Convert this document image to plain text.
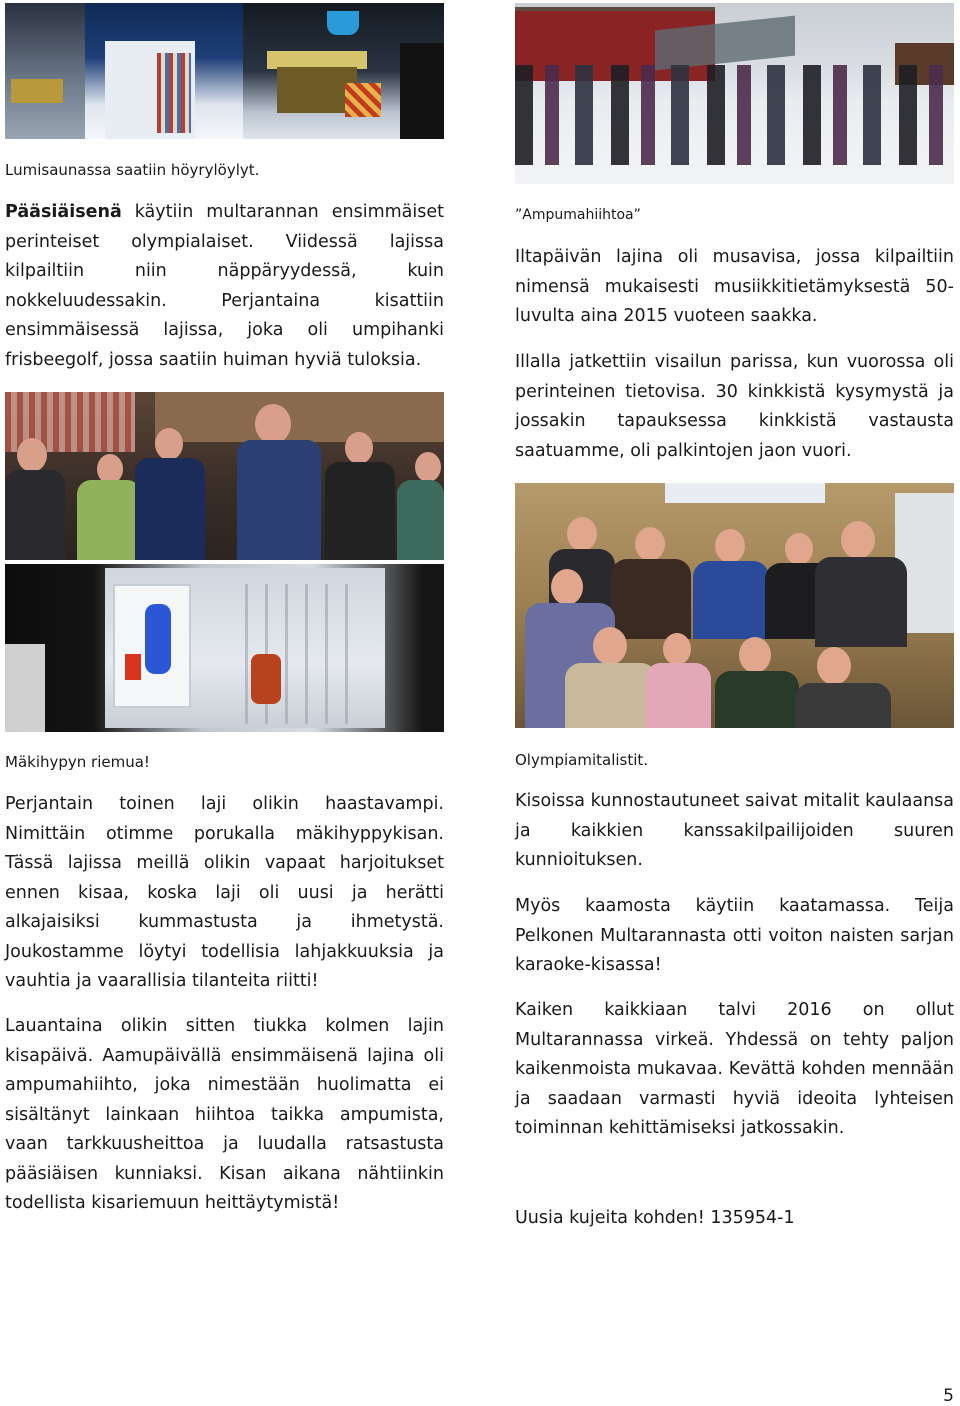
Lumisaunassa saatiin höyrylöylyt.
”Ampumahiihtoa”
Pääsiäisenä käytiin multarannan ensimmäiset perinteiset olympialaiset. Viidessä lajissa kilpailtiin niin näppäryydessä, kuin nokkeluudessakin. Perjantaina kisattiin ensimmäisessä lajissa, joka oli umpihanki frisbeegolf, jossa saatiin huiman hyviä tuloksia.
Iltapäivän lajina oli musavisa, jossa kilpailtiin nimensä mukaisesti musiikkitietämyksestä 50-luvulta aina 2015 vuoteen saakka.
Illalla jatkettiin visailun parissa, kun vuorossa oli perinteinen tietovisa. 30 kinkkistä kysymystä ja jossakin tapauksessa kinkkistä vastausta saatuamme, oli palkintojen jaon vuori.
Mäkihypyn riemua!	Olympiamitalistit.
Perjantain toinen laji olikin haastavampi. Nimittäin otimme porukalla mäkihyppykisan. Tässä lajissa meillä olikin vapaat harjoitukset ennen kisaa, koska laji oli uusi ja herätti alkajaisiksi kummastusta ja ihmetystä. Joukostamme löytyi todellisia lahjakkuuksia ja vauhtia ja vaarallisia tilanteita riitti!
Lauantaina olikin sitten tiukka kolmen lajin kisapäivä. Aamupäivällä ensimmäisenä lajina oli ampumahiihto, joka nimestään huolimatta ei sisältänyt lainkaan hiihtoa taikka ampumista, vaan tarkkuusheittoa ja luudalla ratsastusta pääsiäisen kunniaksi. Kisan aikana nähtiinkin todellista kisariemuun heittäytymistä!
Kisoissa kunnostautuneet saivat mitalit kaulaansa ja kaikkien kanssakilpailijoiden suuren kunnioituksen.
Myös kaamosta käytiin kaatamassa. Teija Pelkonen Multarannasta otti voiton naisten sarjan karaoke-kisassa!
Kaiken kaikkiaan talvi 2016 on ollut Multarannassa virkeä. Yhdessä on tehty paljon kaikenmoista mukavaa. Kevättä kohden mennään ja saadaan varmasti hyviä ideoita lyhteisen toiminnan kehittämiseksi jatkossakin.
Uusia kujeita kohden! 135954-1
5
